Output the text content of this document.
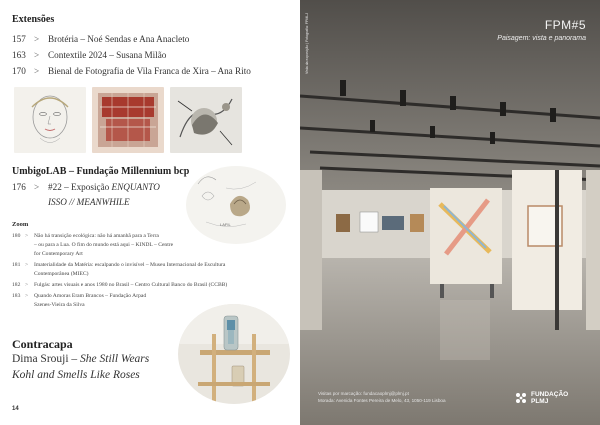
Extensões
157 > Brotéria – Noé Sendas e Ana Anacleto
163 > Contextile 2024 – Susana Milão
170 > Bienal de Fotografia de Vila Franca de Xira – Ana Rito
UmbigoLAB – Fundação Millennium bcp
176 > #22 – Exposição ENQUANTO
ISSO // MEANWHILE
LAFIL
Zoom
180 > Não há transição ecológica: não há amanhã para a Terra
– ou para a Lua. O fim do mundo está aqui – KINDL – Centre
for Contemporary Art
181 > Imaterialidade da Matéria: escalpando o invisível – Museu Internacional de Escultura
Contemporânea (MIEC)
182 > Fulgás: artes visuais e anos 1980 no Brasil – Centro Cultural Banco do Brasil (CCBB)
183 > Quando Amoras Eram Brancos – Fundação Arpad
Szenes-Vieira da Silva
Contracapa
Dima Srouji – She Still Wears
Kohl and Smells Like Roses
14
FPM#5
Paisagem: vista e panorama
Vista da exposição | Fotografia: FPMLJ
Visitas por marcação: fundacaoplmj@plmj.pt
Morada: Avenida Fontes Pereira de Melo, 43, 1050-119 Lisboa
FUNDAÇÃO
PLMJ
